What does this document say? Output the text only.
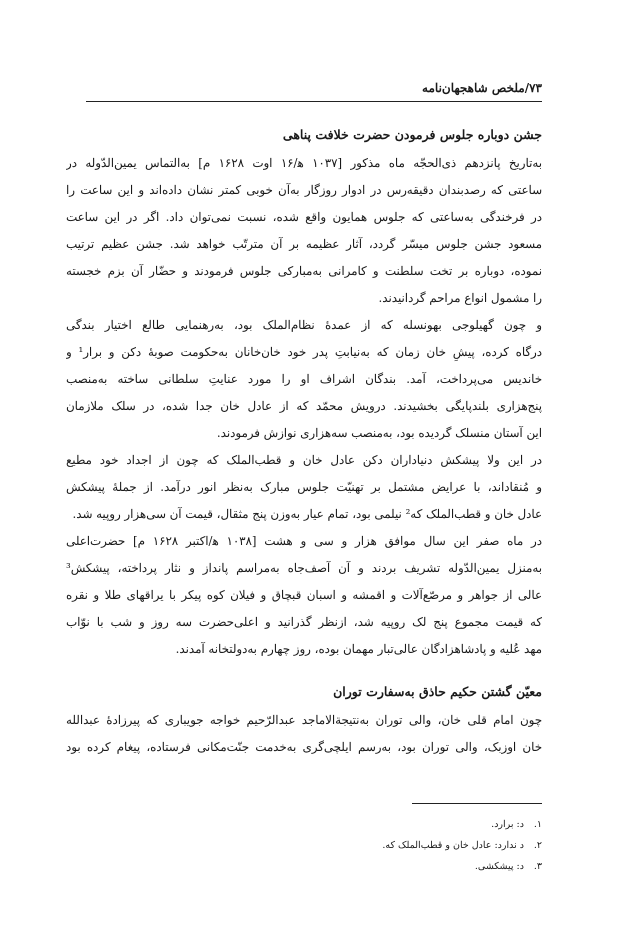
۷۳/ملخص شاهجهان‌نامه
جشن دوباره جلوس فرمودن حضرت خلافت پناهی

به‌تاریخ پانزدهم ذی‌الحجّه ماه مذکور [۱۰۳۷ ه‍/۱۶ اوت ۱۶۲۸ م] به‌التماس یمین‌الدّوله در

ساعتی که رصدبندان دقیقه‌رس در ادوار روزگار به‌آن خوبی کمتر نشان داده‌اند و این ساعت را

در فرخندگی به‌ساعتی که جلوس همایون واقع شده، نسبت نمی‌توان داد. اگر در این ساعت

مسعود جشن جلوس میسّر گردد، آثار عظیمه بر آن مترتّب خواهد شد. جشن عظیم ترتیب

نموده، دوباره بر تخت سلطنت و کامرانی به‌مبارکی جلوس فرمودند و حضّار آن بزم خجسته

را مشمول انواع مراحم گردانیدند.

و چون گهیلوجی بهونسله که از عمدهٔ نظام‌الملک بود، به‌رهنمایی طالع اختیار بندگی

درگاه کرده، پیشِ خان زمان که به‌نیابتِ پدر خود خان‌خانان به‌حکومت صوبهٔ دکن و برار¹ و

خاندیس می‌پرداخت، آمد. بندگان اشراف او را مورد عنایتِ سلطانی ساخته به‌منصب

پنج‌هزاری بلندپایگی بخشیدند. درویش محمّد که از عادل خان جدا شده، در سلک ملازمان

این آستان منسلک گردیده بود، به‌منصب سه‌هزاری نوازش فرمودند.

در این ولا پیشکش دنیاداران دکن عادل خان و قطب‌الملک که چون از اجداد خود مطیع

و مُنقاداند، با عرایض مشتمل بر تهنیّت جلوس مبارک به‌نظر انور درآمد. از جملهٔ پیشکش

عادل خان و قطب‌الملک که² نیلمی بود، تمام عیار به‌وزن پنج مثقال، قیمت آن سی‌هزار روپیه شد.

در ماه صفر این سال موافق هزار و سی و هشت [۱۰۳۸ ه‍/اکتبر ۱۶۲۸ م] حضرت‌اعلی

به‌منزل یمین‌الدّوله تشریف بردند و آن آصف‌جاه به‌مراسم پانداز و نثار پرداخته، پیشکش³

عالی از جواهر و مرصّع‌آلات و اقمشه و اسبان قبچاق و فیلان کوه پیکر با یراقهای طلا و نقره

که قیمت مجموع پنج لک روپیه شد، ازنظر گذرانید و اعلی‌حضرت سه روز و شب با نوّاب

مهد عُلیه و پادشاهزادگان عالی‌تبار مهمان بوده، روز چهارم به‌دولتخانه آمدند.

معیّن گشتن حکیم حاذق به‌سفارت توران

چون امام قلی خان، والی توران به‌نتیجةالاماجد عبدالرّحیم خواجه جویباری که پیرزادهٔ عبدالله

خان اوزبک، والی توران بود، به‌رسم ایلچی‌گری به‌خدمت جنّت‌مکانی فرستاده، پیغام کرده بود

۱.د: برارد.
۲.د ندارد: عادل خان و قطب‌الملک که.
۳.د: پیشکشی.
